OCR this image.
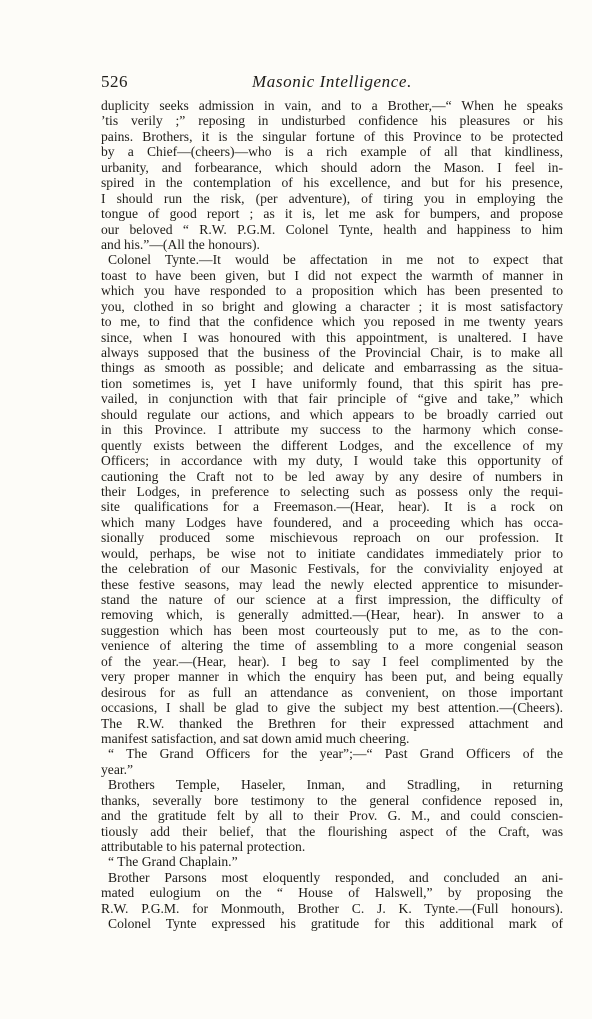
526	Masonic Intelligence.
duplicity seeks admission in vain, and to a Brother,—“ When he speaks
’tis verily ;” reposing in undisturbed confidence his pleasures or his
pains. Brothers, it is the singular fortune of this Province to be protected
by a Chief—(cheers)—who is a rich example of all that kindliness,
urbanity, and forbearance, which should adorn the Mason. I feel in-
spired in the contemplation of his excellence, and but for his presence,
I should run the risk, (per adventure), of tiring you in employing the
tongue of good report ; as it is, let me ask for bumpers, and propose
our beloved “ R.W. P.G.M. Colonel Tynte, health and happiness to him
and his.”—(All the honours).
Colonel Tynte.—It would be affectation in me not to expect that
toast to have been given, but I did not expect the warmth of manner in
which you have responded to a proposition which has been presented to
you, clothed in so bright and glowing a character ; it is most satisfactory
to me, to find that the confidence which you reposed in me twenty years
since, when I was honoured with this appointment, is unaltered. I have
always supposed that the business of the Provincial Chair, is to make all
things as smooth as possible; and delicate and embarrassing as the situa-
tion sometimes is, yet I have uniformly found, that this spirit has pre-
vailed, in conjunction with that fair principle of “give and take,” which
should regulate our actions, and which appears to be broadly carried out
in this Province. I attribute my success to the harmony which conse-
quently exists between the different Lodges, and the excellence of my
Officers; in accordance with my duty, I would take this opportunity of
cautioning the Craft not to be led away by any desire of numbers in
their Lodges, in preference to selecting such as possess only the requi-
site qualifications for a Freemason.—(Hear, hear). It is a rock on
which many Lodges have foundered, and a proceeding which has occa-
sionally produced some mischievous reproach on our profession. It
would, perhaps, be wise not to initiate candidates immediately prior to
the celebration of our Masonic Festivals, for the conviviality enjoyed at
these festive seasons, may lead the newly elected apprentice to misunder-
stand the nature of our science at a first impression, the difficulty of
removing which, is generally admitted.—(Hear, hear). In answer to a
suggestion which has been most courteously put to me, as to the con-
venience of altering the time of assembling to a more congenial season
of the year.—(Hear, hear). I beg to say I feel complimented by the
very proper manner in which the enquiry has been put, and being equally
desirous for as full an attendance as convenient, on those important
occasions, I shall be glad to give the subject my best attention.—(Cheers).
The R.W. thanked the Brethren for their expressed attachment and
manifest satisfaction, and sat down amid much cheering.
“ The Grand Officers for the year”;—“ Past Grand Officers of the
year.”
Brothers Temple, Haseler, Inman, and Stradling, in returning
thanks, severally bore testimony to the general confidence reposed in,
and the gratitude felt by all to their Prov. G. M., and could conscien-
tiously add their belief, that the flourishing aspect of the Craft, was
attributable to his paternal protection.
“ The Grand Chaplain.”
Brother Parsons most eloquently responded, and concluded an ani-
mated eulogium on the “ House of Halswell,” by proposing the
R.W. P.G.M. for Monmouth, Brother C. J. K. Tynte.—(Full honours).
Colonel Tynte expressed his gratitude for this additional mark of
